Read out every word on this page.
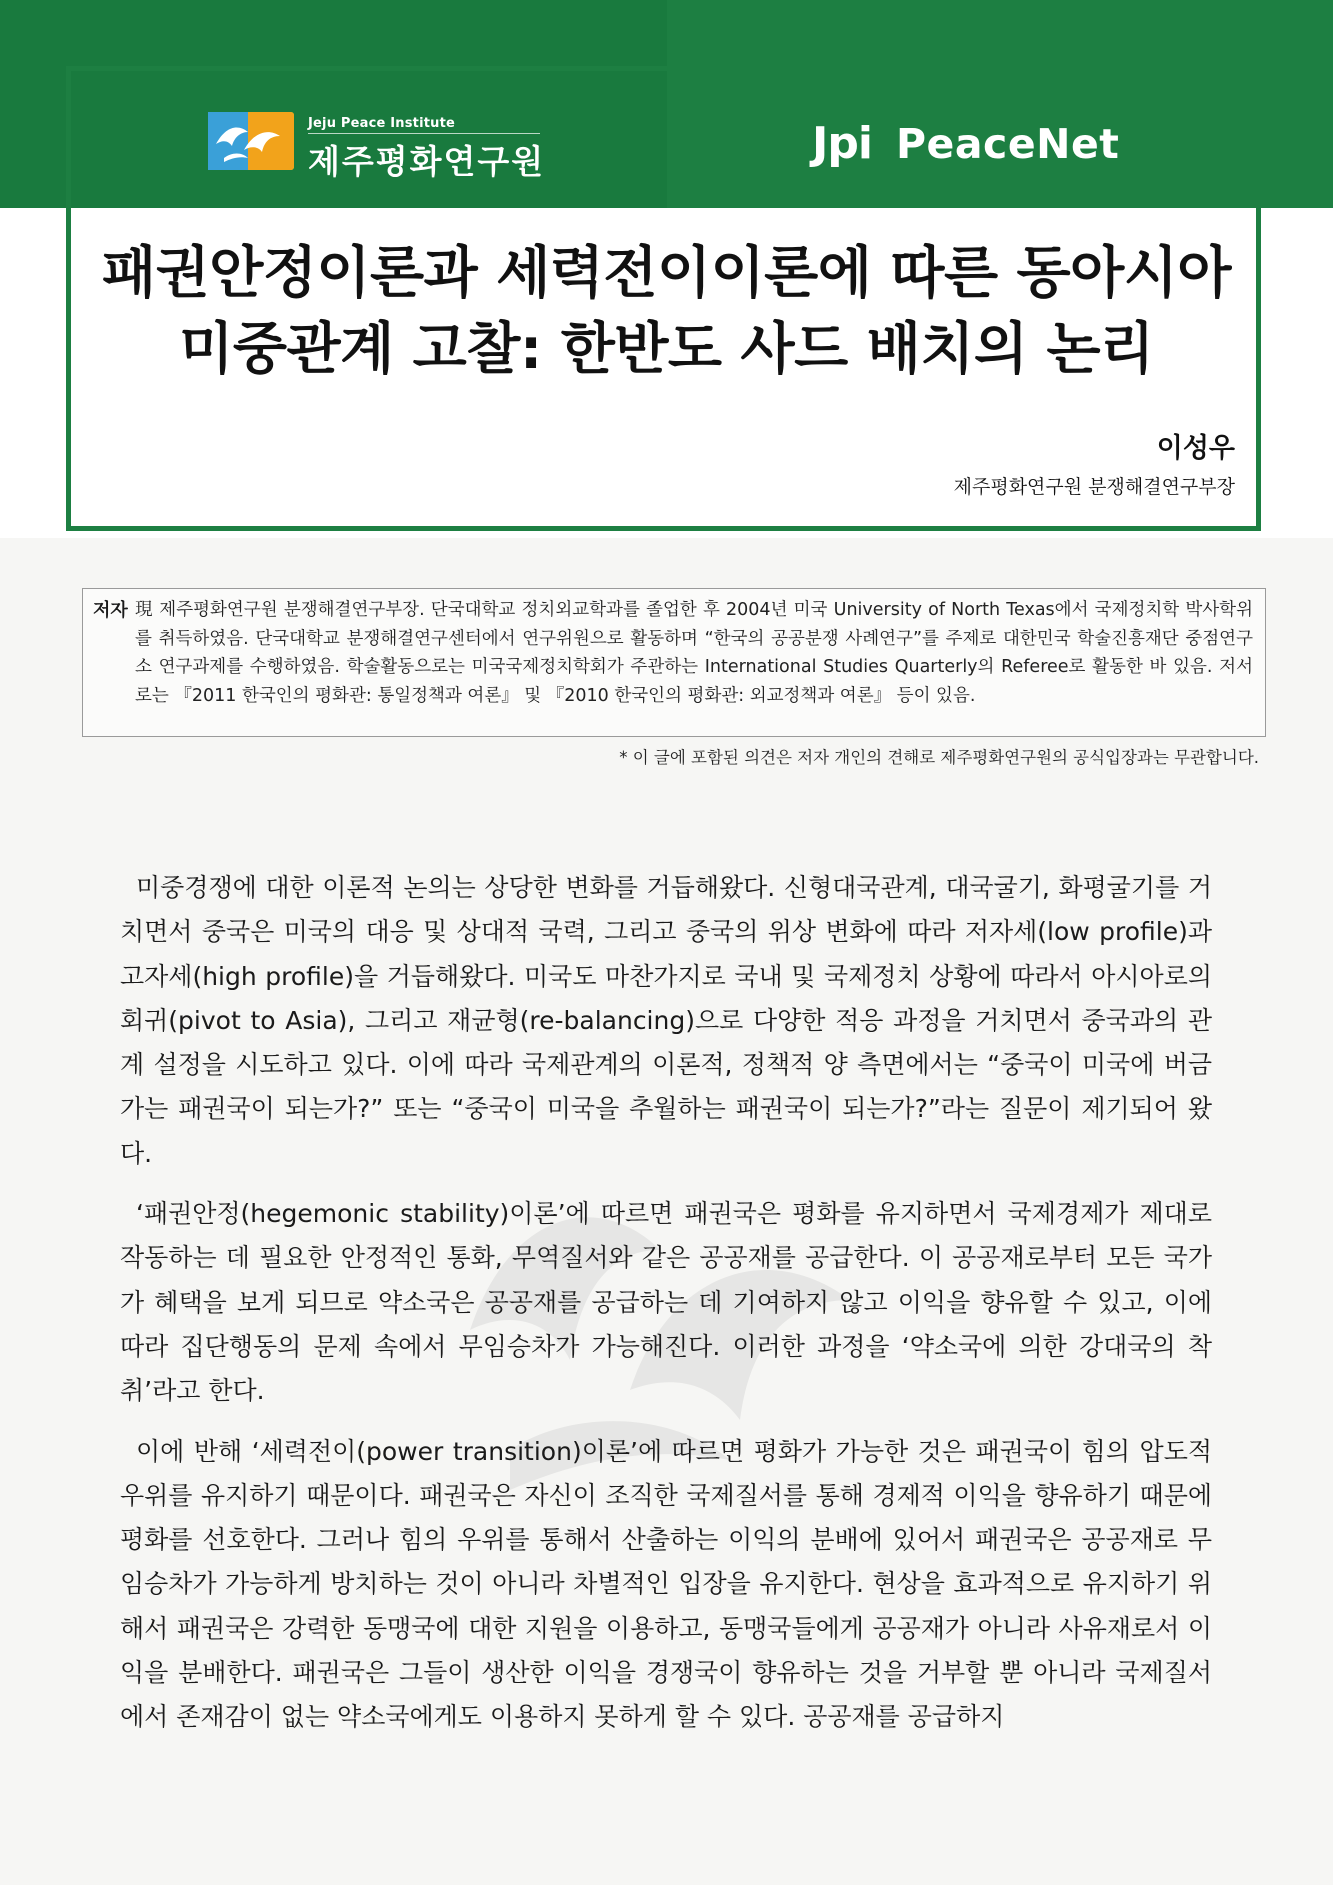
Jeju Peace Institute
제주평화연구원	Jpi PeaceNet
패권안정이론과 세력전이이론에 따른 동아시아
미중관계 고찰: 한반도 사드 배치의 논리
이성우
제주평화연구원 분쟁해결연구부장
저자 現 제주평화연구원 분쟁해결연구부장. 단국대학교 정치외교학과를 졸업한 후 2004년 미국 University of North Texas에서 국제정치학 박사학위를 취득하였음. 단국대학교 분쟁해결연구센터에서 연구위원으로 활동하며 “한국의 공공분쟁 사례연구”를 주제로 대한민국 학술진흥재단 중점연구소 연구과제를 수행하였음. 학술활동으로는 미국국제정치학회가 주관하는 International Studies Quarterly의 Referee로 활동한 바 있음. 저서로는 『2011 한국인의 평화관: 통일정책과 여론』 및 『2010 한국인의 평화관: 외교정책과 여론』 등이 있음.
* 이 글에 포함된 의견은 저자 개인의 견해로 제주평화연구원의 공식입장과는 무관합니다.

미중경쟁에 대한 이론적 논의는 상당한 변화를 거듭해왔다. 신형대국관계, 대국굴기, 화평굴기를 거치면서 중국은 미국의 대응 및 상대적 국력, 그리고 중국의 위상 변화에 따라 저자세(low profile)과 고자세(high profile)을 거듭해왔다. 미국도 마찬가지로 국내 및 국제정치 상황에 따라서 아시아로의 회귀(pivot to Asia), 그리고 재균형(re-balancing)으로 다양한 적응 과정을 거치면서 중국과의 관계 설정을 시도하고 있다. 이에 따라 국제관계의 이론적, 정책적 양 측면에서는 “중국이 미국에 버금가는 패권국이 되는가?” 또는 “중국이 미국을 추월하는 패권국이 되는가?”라는 질문이 제기되어 왔다.

‘패권안정(hegemonic stability)이론’에 따르면 패권국은 평화를 유지하면서 국제경제가 제대로 작동하는 데 필요한 안정적인 통화, 무역질서와 같은 공공재를 공급한다. 이 공공재로부터 모든 국가가 혜택을 보게 되므로 약소국은 공공재를 공급하는 데 기여하지 않고 이익을 향유할 수 있고, 이에 따라 집단행동의 문제 속에서 무임승차가 가능해진다. 이러한 과정을 ‘약소국에 의한 강대국의 착취’라고 한다.

이에 반해 ‘세력전이(power transition)이론’에 따르면 평화가 가능한 것은 패권국이 힘의 압도적 우위를 유지하기 때문이다. 패권국은 자신이 조직한 국제질서를 통해 경제적 이익을 향유하기 때문에 평화를 선호한다. 그러나 힘의 우위를 통해서 산출하는 이익의 분배에 있어서 패권국은 공공재로 무임승차가 가능하게 방치하는 것이 아니라 차별적인 입장을 유지한다. 현상을 효과적으로 유지하기 위해서 패권국은 강력한 동맹국에 대한 지원을 이용하고, 동맹국들에게 공공재가 아니라 사유재로서 이익을 분배한다. 패권국은 그들이 생산한 이익을 경쟁국이 향유하는 것을 거부할 뿐 아니라 국제질서에서 존재감이 없는 약소국에게도 이용하지 못하게 할 수 있다. 공공재를 공급하지
